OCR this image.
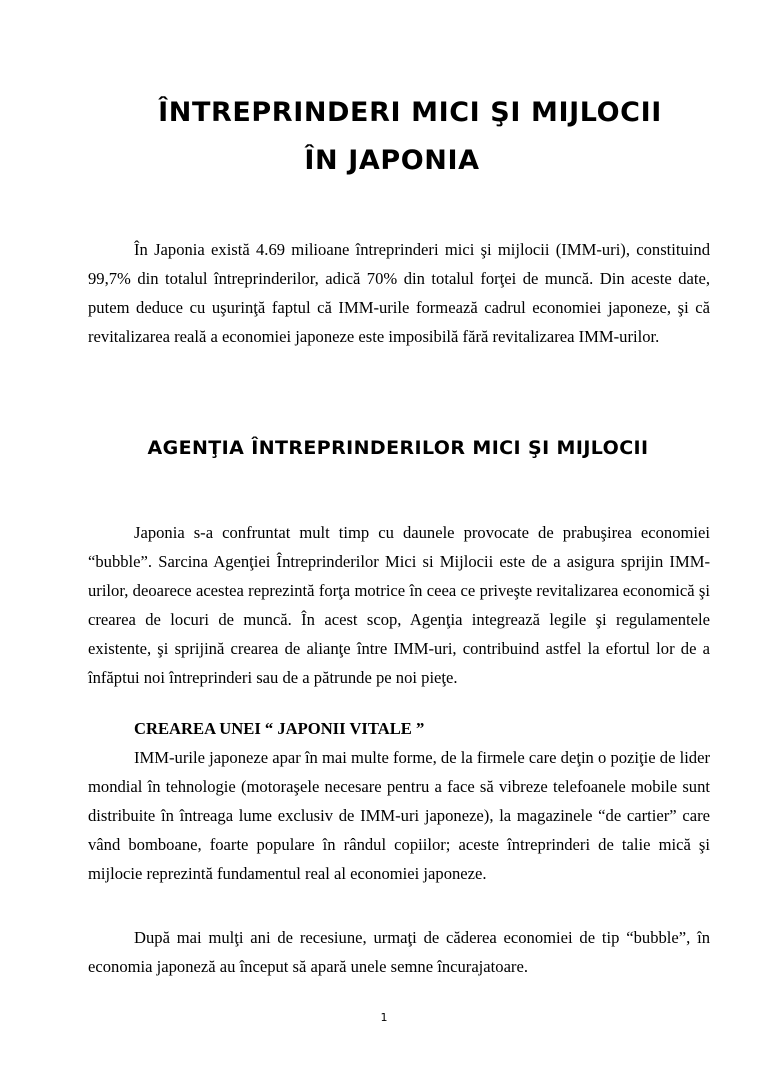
ÎNTREPRINDERI MICI ŞI MIJLOCII
ÎN JAPONIA

În Japonia există 4.69 milioane întreprinderi mici şi mijlocii (IMM-uri), constituind 99,7% din totalul întreprinderilor, adică 70% din totalul forţei de muncă. Din aceste date, putem deduce cu uşurinţă faptul că IMM-urile formează cadrul economiei japoneze, şi că revitalizarea reală a economiei japoneze este imposibilă fără revitalizarea IMM-urilor.

AGENŢIA ÎNTREPRINDERILOR MICI ŞI MIJLOCII

Japonia s-a confruntat mult timp cu daunele provocate de prabuşirea economiei “bubble”. Sarcina Agenţiei Întreprinderilor Mici si Mijlocii este de a asigura sprijin IMM-urilor, deoarece acestea reprezintă forţa motrice în ceea ce priveşte revitalizarea economică şi crearea de locuri de muncă. În acest scop, Agenţia integrează legile şi regulamentele existente, şi sprijină crearea de alianţe între IMM-uri, contribuind astfel la efortul lor de a înfăptui noi întreprinderi sau de a pătrunde pe noi pieţe.

CREAREA UNEI “ JAPONII VITALE ”

IMM-urile japoneze apar în mai multe forme, de la firmele care deţin o poziţie de lider mondial în tehnologie (motoraşele necesare pentru a face să vibreze telefoanele mobile sunt distribuite în întreaga lume exclusiv de IMM-uri japoneze), la magazinele “de cartier” care vând bomboane, foarte populare în rândul copiilor; aceste întreprinderi de talie mică şi mijlocie reprezintă fundamentul real al economiei japoneze.

După mai mulţi ani de recesiune, urmaţi de căderea economiei de tip “bubble”, în economia japoneză au început să apară unele semne încurajatoare.

1
